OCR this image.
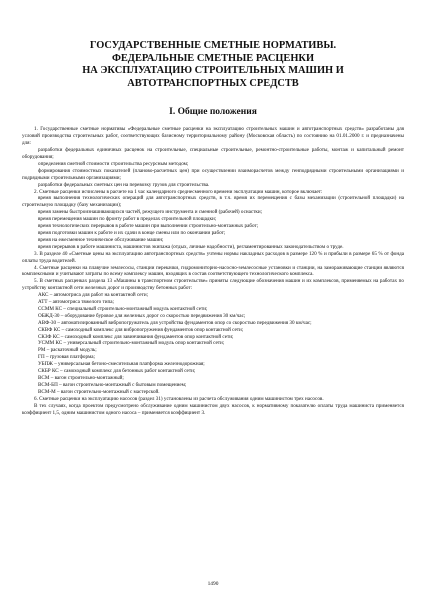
ГОСУДАРСТВЕННЫЕ СМЕТНЫЕ НОРМАТИВЫ.
ФЕДЕРАЛЬНЫЕ СМЕТНЫЕ РАСЦЕНКИ
НА ЭКСПЛУАТАЦИЮ СТРОИТЕЛЬНЫХ МАШИН И
АВТОТРАНСПОРТНЫХ СРЕДСТВ
I. Общие положения

1. Государственные сметные нормативы «Федеральные сметные расценки на эксплуатацию строительных машин и автотранспортных средств» разработаны для условий производства строительных работ, соответствующих базисному территориальному району (Московская область) по состоянию на 01.01.2000 г. и предназначены для:

разработки федеральных единичных расценок на строительные, специальные строительные, ремонтно-строительные работы, монтаж и капитальный ремонт оборудования;

определения сметной стоимости строительства ресурсным методом;

формирования стоимостных показателей (планово-расчетных цен) при осуществлении взаиморасчетов между генподрядными строительными организациями и подрядными строительными организациями;

разработки федеральных сметных цен на перевозку грузов для строительства.

2. Сметные расценки исчислены в расчете на 1 час календарного среднесменного времени эксплуатации машин, которое включает:

время выполнения технологических операций для автотранспортных средств, в т.ч. время их перемещения с базы механизации (строительной площадки) на строительную площадку (базу механизации);

время замены быстроизнашивающихся частей, режущего инструмента и сменной (рабочей) оснастки;

время перемещения машин по фронту работ в пределах строительной площадки;

время технологических перерывов в работе машин при выполнении строительно-монтажных работ;

время подготовки машин к работе и их сдачи в конце смены или по окончании работ;

время на ежесменное техническое обслуживание машин;

время перерывов в работе машиниста, машинистов экипажа (отдых, личные надобности), регламентированных законодательством о труде.

3. В разделе 40 «Сметные цены на эксплуатацию автотранспортных средств» учтены нормы накладных расходов в размере 120 % и прибыли в размере 65 % от фонда оплаты труда водителей.

4. Сметные расценки на плавучие землесосы, станции перекачки, гидромониторно-насосно-землесосные установки и станции, на замораживающие станции являются комплексными и учитывают затраты по всему комплексу машин, входящих в состав соответствующего технологического комплекса.

5. В сметных расценках раздела 13 «Машины в транспортном строительстве» приняты следующие обозначения машин и их комплексов, применяемых на работах по устройству контактной сети железных дорог и производству бетонных работ:

АКС – автомотриса для работ на контактной сети;

АТТ – автомотриса тяжелого типа;

ССММ КС – специальный строительно-монтажный модуль контактной сети;

ОБЖД-30 – оборудование буровое для железных дорог со скоростью передвижения 30 км/час;

АВФ-30 – автоматизированный вибропогружатель для устройства фундаментов опор со скоростью передвижения 30 км/час;

СКВФ КС – самоходный комплекс для вибропогружения фундаментов опор контактной сети;

СКЗФ КС – самоходный комплекс для завинчивания фундаментов опор контактной сети;

УСММ КС – универсальный строительно-монтажный модуль опор контактной сети;

РМ – раскаточный модуль;

ГП – грузовая платформа;

УБПЖ – универсальная бетоно-смесительная платформа железнодорожная;

СКБР КС – самоходный комплекс для бетонных работ контактной сети;

ВСМ – вагон строительно-монтажный;

ВСМ-БП – вагон строительно-монтажный с бытовым помещением;

ВСМ-М – вагон строительно-монтажный с мастерской.

6. Сметные расценки на эксплуатацию насосов (раздел 31) установлены из расчета обслуживания одним машинистом трех насосов.

В тех случаях, когда проектом предусмотрено обслуживание одним машинистом двух насосов, к нормативному показателю оплаты труда машиниста применяется коэффициент 1,5, одним машинистом одного насоса – применяется коэффициент 3.

1490
